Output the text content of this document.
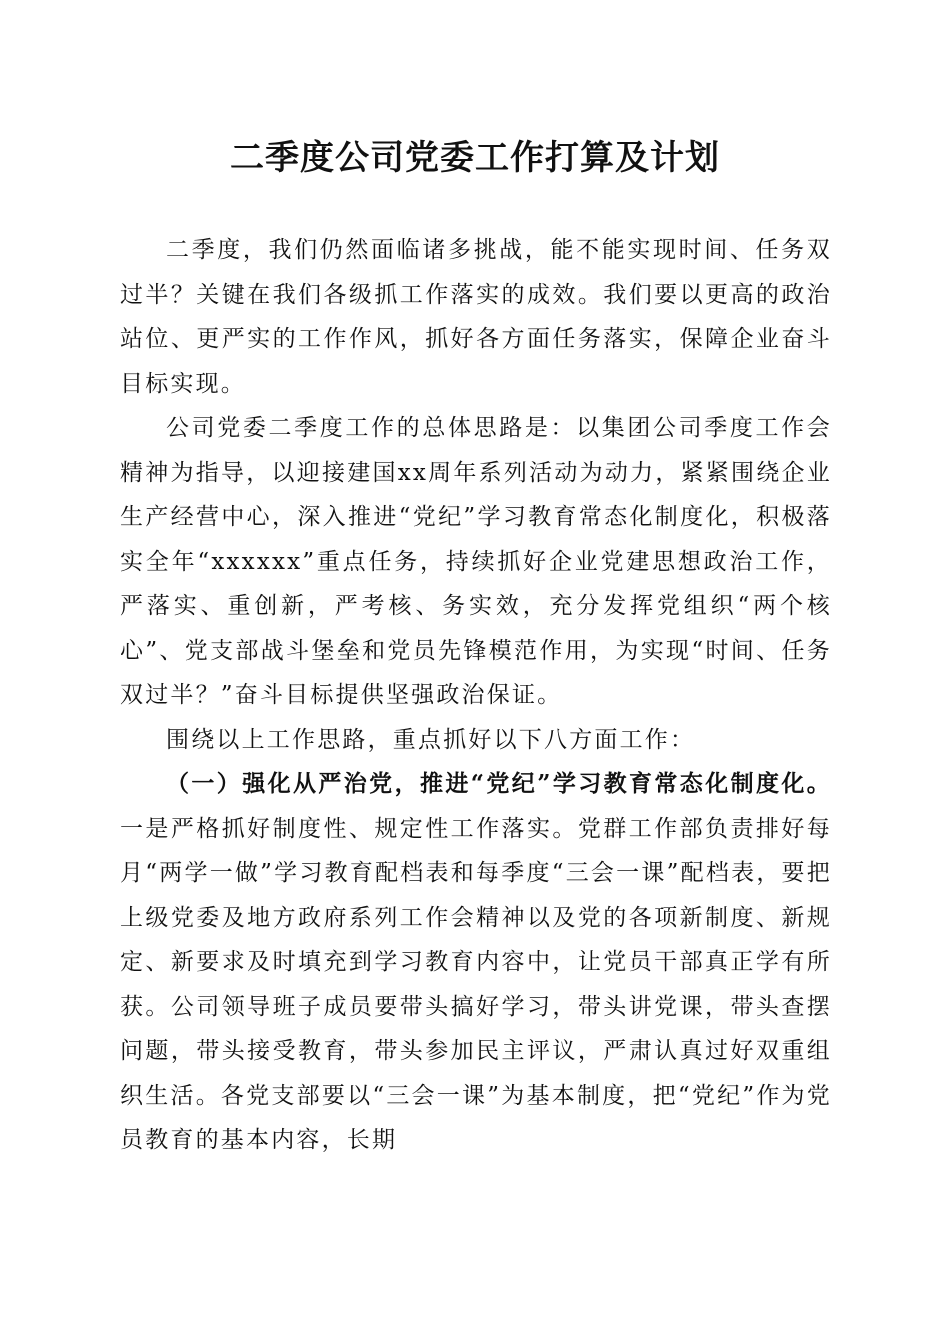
二季度公司党委工作打算及计划

二季度，我们仍然面临诸多挑战，能不能实现时间、任务双过半？关键在我们各级抓工作落实的成效。我们要以更高的政治站位、更严实的工作作风，抓好各方面任务落实，保障企业奋斗目标实现。

公司党委二季度工作的总体思路是：以集团公司季度工作会精神为指导，以迎接建国xx周年系列活动为动力，紧紧围绕企业生产经营中心，深入推进“党纪”学习教育常态化制度化，积极落实全年“xxxxxx”重点任务，持续抓好企业党建思想政治工作，严落实、重创新，严考核、务实效，充分发挥党组织“两个核心”、党支部战斗堡垒和党员先锋模范作用，为实现“时间、任务双过半？”奋斗目标提供坚强政治保证。

围绕以上工作思路，重点抓好以下八方面工作：

（一）强化从严治党，推进“党纪”学习教育常态化制度化。一是严格抓好制度性、规定性工作落实。党群工作部负责排好每月“两学一做”学习教育配档表和每季度“三会一课”配档表，要把上级党委及地方政府系列工作会精神以及党的各项新制度、新规定、新要求及时填充到学习教育内容中，让党员干部真正学有所获。公司领导班子成员要带头搞好学习，带头讲党课，带头查摆问题，带头接受教育，带头参加民主评议，严肃认真过好双重组织生活。各党支部要以“三会一课”为基本制度，把“党纪”作为党员教育的基本内容，长期
